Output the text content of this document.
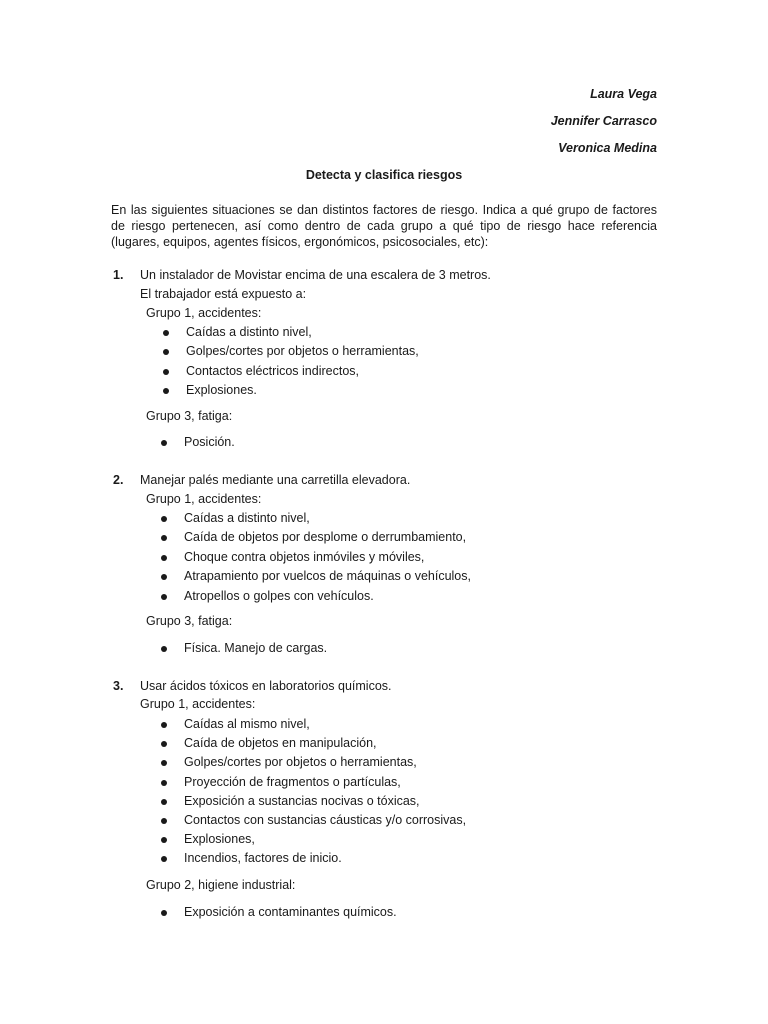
Laura Vega
Jennifer Carrasco
Veronica Medina
Detecta y clasifica riesgos
En las siguientes situaciones se dan distintos factores de riesgo. Indica a qué grupo de factores de riesgo pertenecen, así como dentro de cada grupo a qué tipo de riesgo hace referencia (lugares, equipos, agentes físicos, ergonómicos, psicosociales, etc):
1. Un instalador de Movistar encima de una escalera de 3 metros.
El trabajador está expuesto a:
Grupo 1, accidentes:
Caídas a distinto nivel,
Golpes/cortes por objetos o herramientas,
Contactos eléctricos indirectos,
Explosiones.
Grupo 3, fatiga:
Posición.
2. Manejar palés mediante una carretilla elevadora.
Grupo 1, accidentes:
Caídas a distinto nivel,
Caída de objetos por desplome o derrumbamiento,
Choque contra objetos inmóviles y móviles,
Atrapamiento por vuelcos de máquinas o vehículos,
Atropellos o golpes con vehículos.
Grupo 3, fatiga:
Física. Manejo de cargas.
3. Usar ácidos tóxicos en laboratorios químicos.
Grupo 1, accidentes:
Caídas al mismo nivel,
Caída de objetos en manipulación,
Golpes/cortes por objetos o herramientas,
Proyección de fragmentos o partículas,
Exposición a sustancias nocivas o tóxicas,
Contactos con sustancias cáusticas y/o corrosivas,
Explosiones,
Incendios, factores de inicio.
Grupo 2, higiene industrial:
Exposición a contaminantes químicos.
